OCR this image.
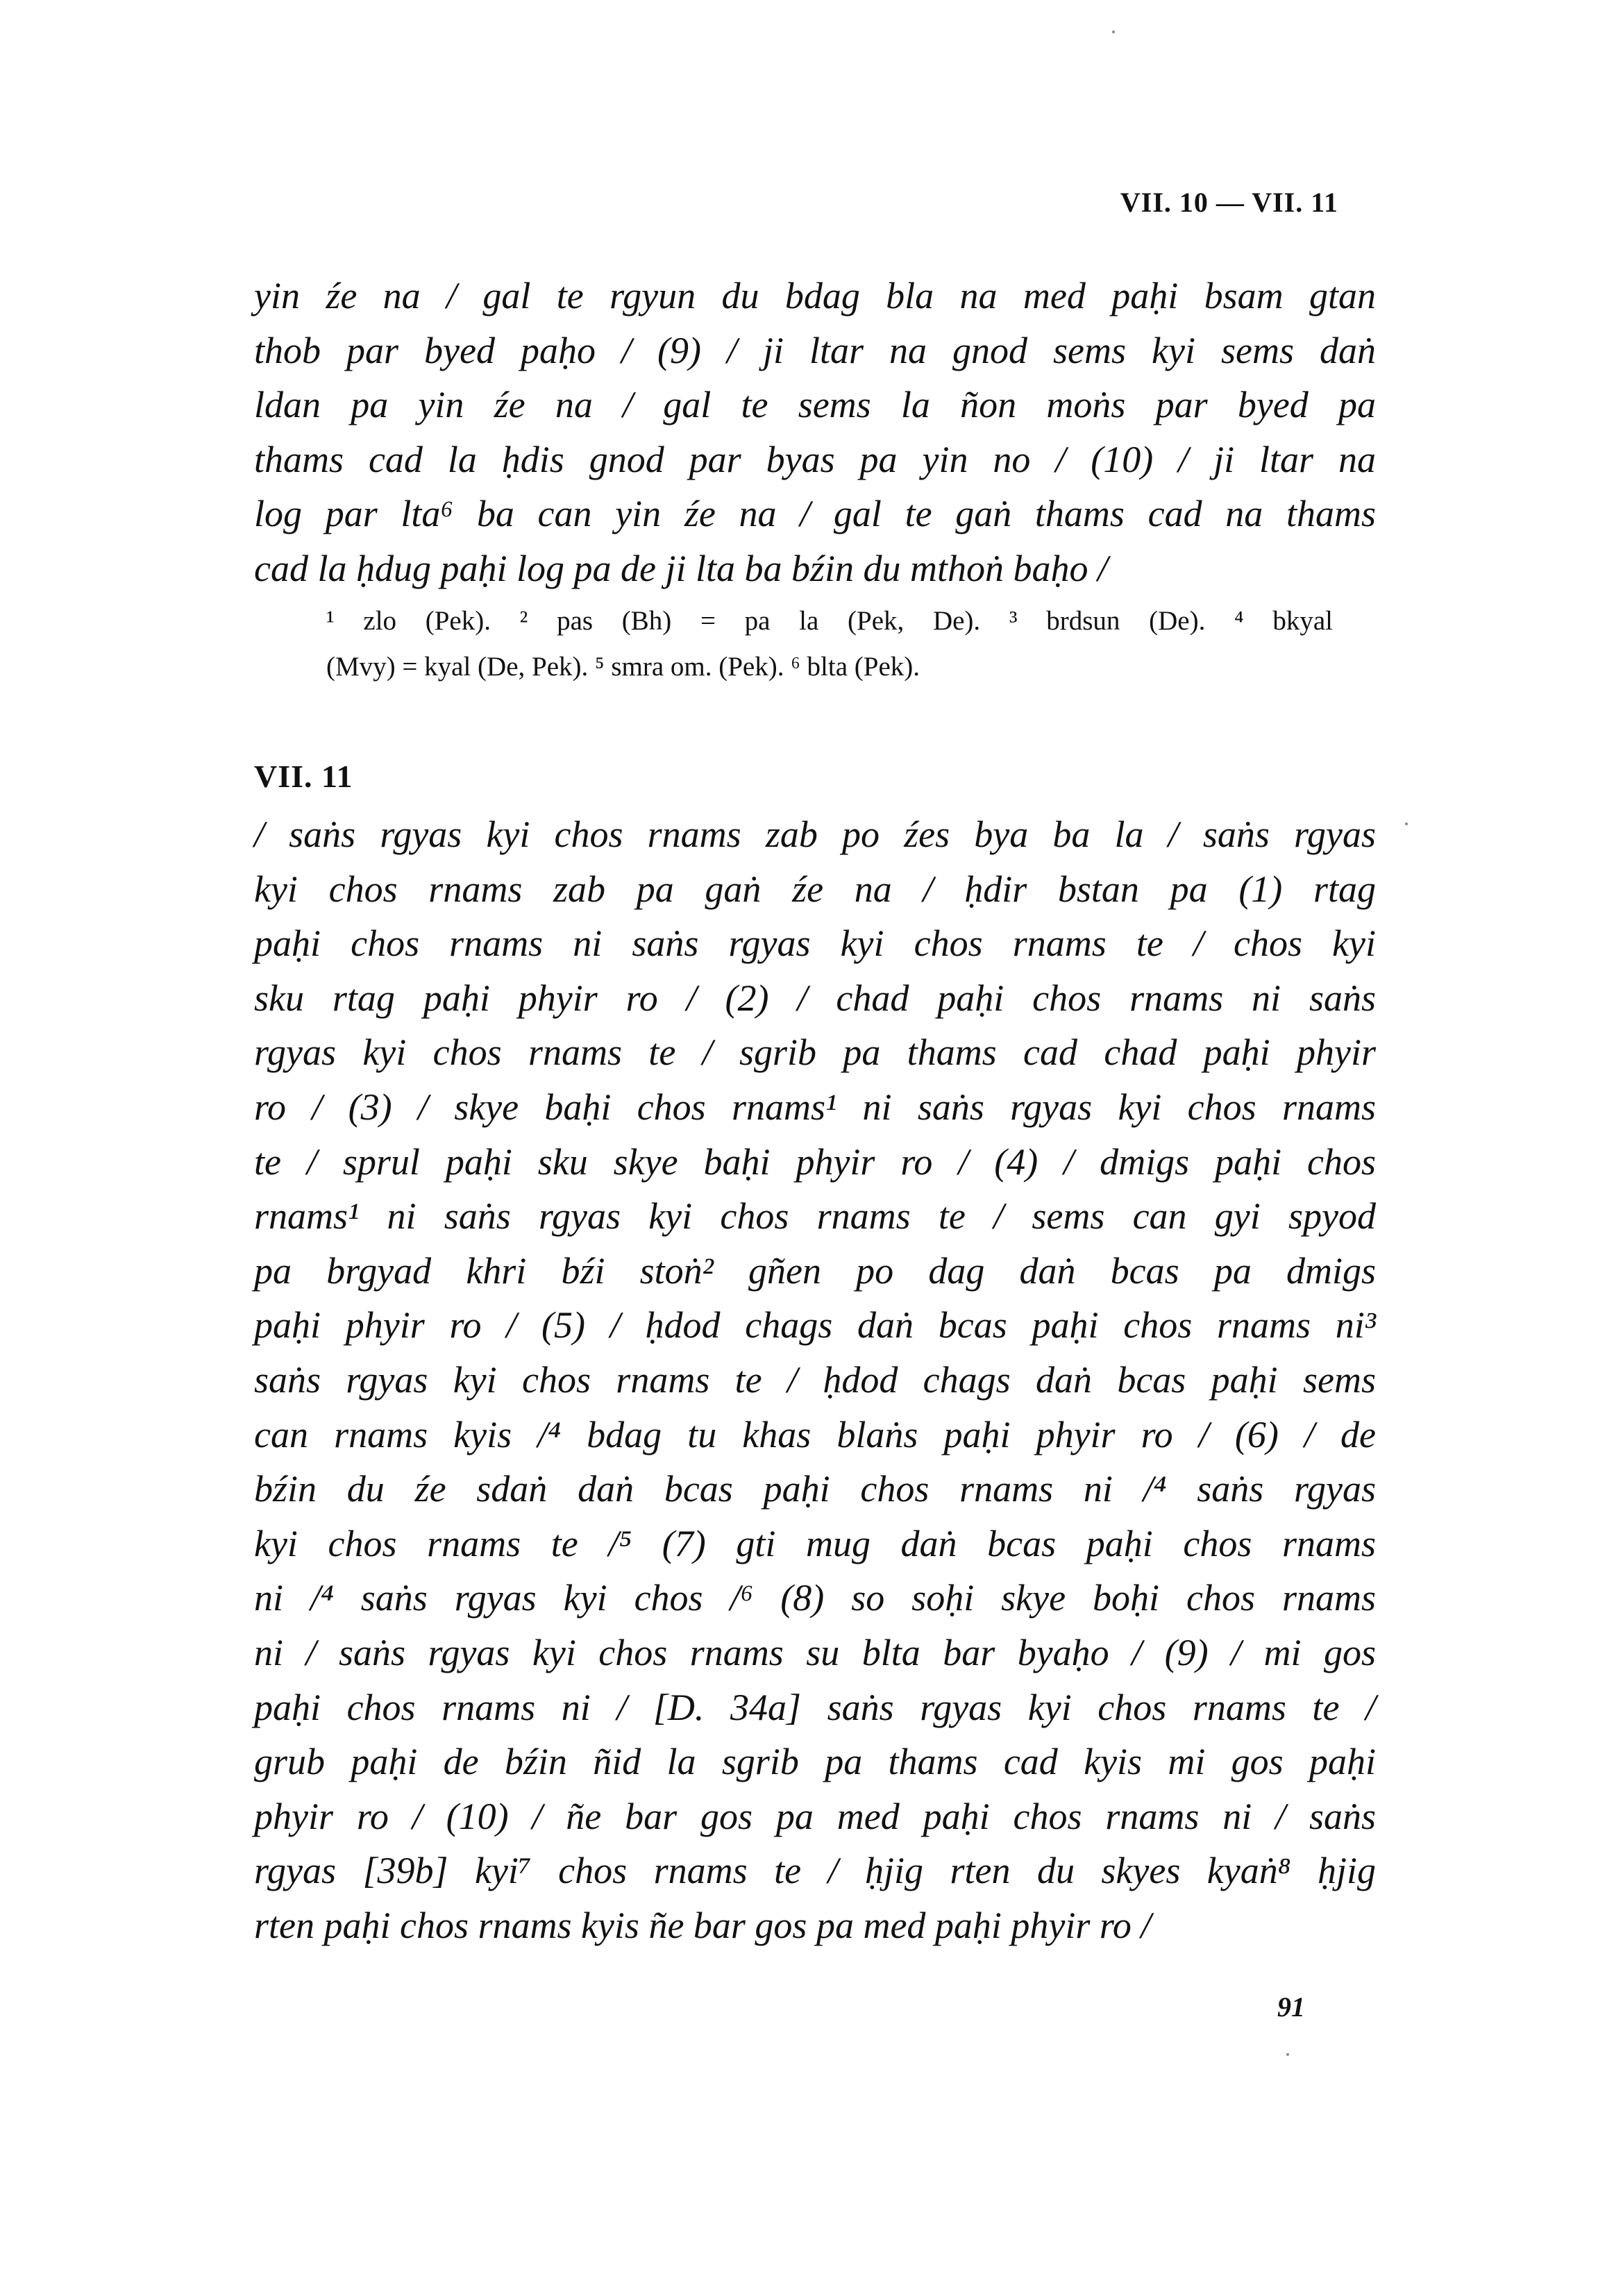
VII. 10 — VII. 11
yin źe na / gal te rgyun du bdag bla na med paḥi bsam gtan
thob par byed paḥo / (9) / ji ltar na gnod sems kyi sems daṅ
ldan pa yin źe na / gal te sems la ñon moṅs par byed pa
thams cad la ḥdis gnod par byas pa yin no / (10) / ji ltar na
log par lta⁶ ba can yin źe na / gal te gaṅ thams cad na thams
cad la ḥdug paḥi log pa de ji lta ba bźin du mthoṅ baḥo /
¹ zlo (Pek). ² pas (Bh) = pa la (Pek, De). ³ brdsun (De). ⁴ bkyal
(Mvy) = kyal (De, Pek). ⁵ smra om. (Pek). ⁶ blta (Pek).
VII. 11
/ saṅs rgyas kyi chos rnams zab po źes bya ba la / saṅs rgyas
kyi chos rnams zab pa gaṅ źe na / ḥdir bstan pa (1) rtag
paḥi chos rnams ni saṅs rgyas kyi chos rnams te / chos kyi
sku rtag paḥi phyir ro / (2) / chad paḥi chos rnams ni saṅs
rgyas kyi chos rnams te / sgrib pa thams cad chad paḥi phyir
ro / (3) / skye baḥi chos rnams¹ ni saṅs rgyas kyi chos rnams
te / sprul paḥi sku skye baḥi phyir ro / (4) / dmigs paḥi chos
rnams¹ ni saṅs rgyas kyi chos rnams te / sems can gyi spyod
pa brgyad khri bźi stoṅ² gñen po dag daṅ bcas pa dmigs
paḥi phyir ro / (5) / ḥdod chags daṅ bcas paḥi chos rnams ni³
saṅs rgyas kyi chos rnams te / ḥdod chags daṅ bcas paḥi sems
can rnams kyis /⁴ bdag tu khas blaṅs paḥi phyir ro / (6) / de
bźin du źe sdaṅ daṅ bcas paḥi chos rnams ni /⁴ saṅs rgyas
kyi chos rnams te /⁵ (7) gti mug daṅ bcas paḥi chos rnams
ni /⁴ saṅs rgyas kyi chos /⁶ (8) so soḥi skye boḥi chos rnams
ni / saṅs rgyas kyi chos rnams su blta bar byaḥo / (9) / mi gos
paḥi chos rnams ni / [D. 34a] saṅs rgyas kyi chos rnams te /
grub paḥi de bźin ñid la sgrib pa thams cad kyis mi gos paḥi
phyir ro / (10) / ñe bar gos pa med paḥi chos rnams ni / saṅs
rgyas [39b] kyi⁷ chos rnams te / ḥjig rten du skyes kyaṅ⁸ ḥjig
rten paḥi chos rnams kyis ñe bar gos pa med paḥi phyir ro /
91
